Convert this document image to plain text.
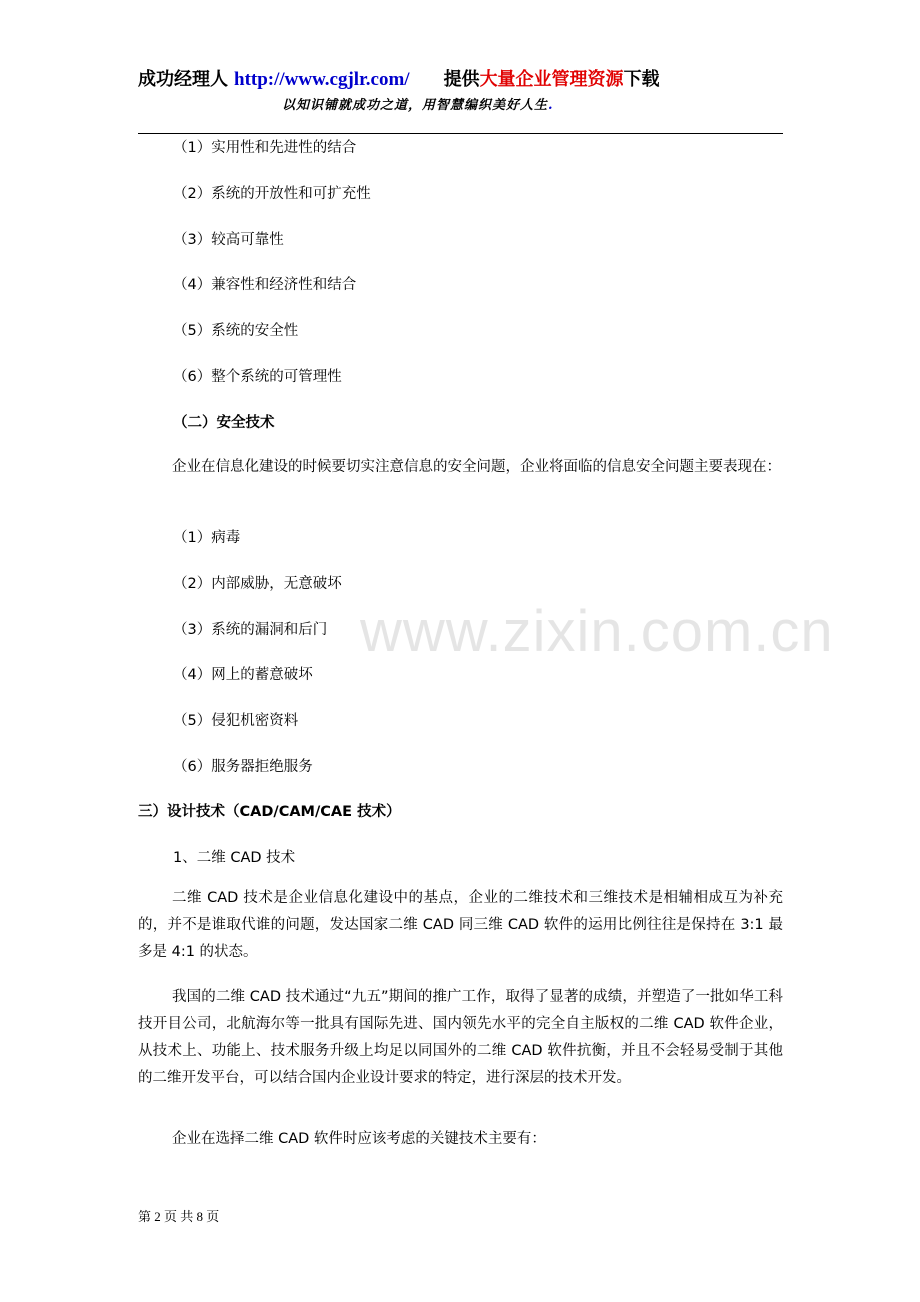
成功经理人 http://www.cgjlr.com/ 提供大量企业管理资源下载
以知识铺就成功之道，用智慧编织美好人生.
（1）实用性和先进性的结合
（2）系统的开放性和可扩充性
（3）较高可靠性
（4）兼容性和经济性和结合
（5）系统的安全性
（6）整个系统的可管理性
（二）安全技术
企业在信息化建设的时候要切实注意信息的安全问题，企业将面临的信息安全问题主要表现在：
（1）病毒
（2）内部威胁，无意破坏
（3）系统的漏洞和后门
（4）网上的蓄意破坏
（5）侵犯机密资料
（6）服务器拒绝服务
三）设计技术（CAD/CAM/CAE 技术）
1、二维 CAD 技术
二维 CAD 技术是企业信息化建设中的基点，企业的二维技术和三维技术是相辅相成互为补充的，并不是谁取代谁的问题，发达国家二维 CAD 同三维 CAD 软件的运用比例往往是保持在 3:1 最多是 4:1 的状态。
我国的二维 CAD 技术通过“九五”期间的推广工作，取得了显著的成绩，并塑造了一批如华工科技开目公司，北航海尔等一批具有国际先进、国内领先水平的完全自主版权的二维 CAD 软件企业，从技术上、功能上、技术服务升级上均足以同国外的二维 CAD 软件抗衡，并且不会轻易受制于其他的二维开发平台，可以结合国内企业设计要求的特定，进行深层的技术开发。
企业在选择二维 CAD 软件时应该考虑的关键技术主要有：
www.zixin.com.cn
第 2 页 共 8 页
